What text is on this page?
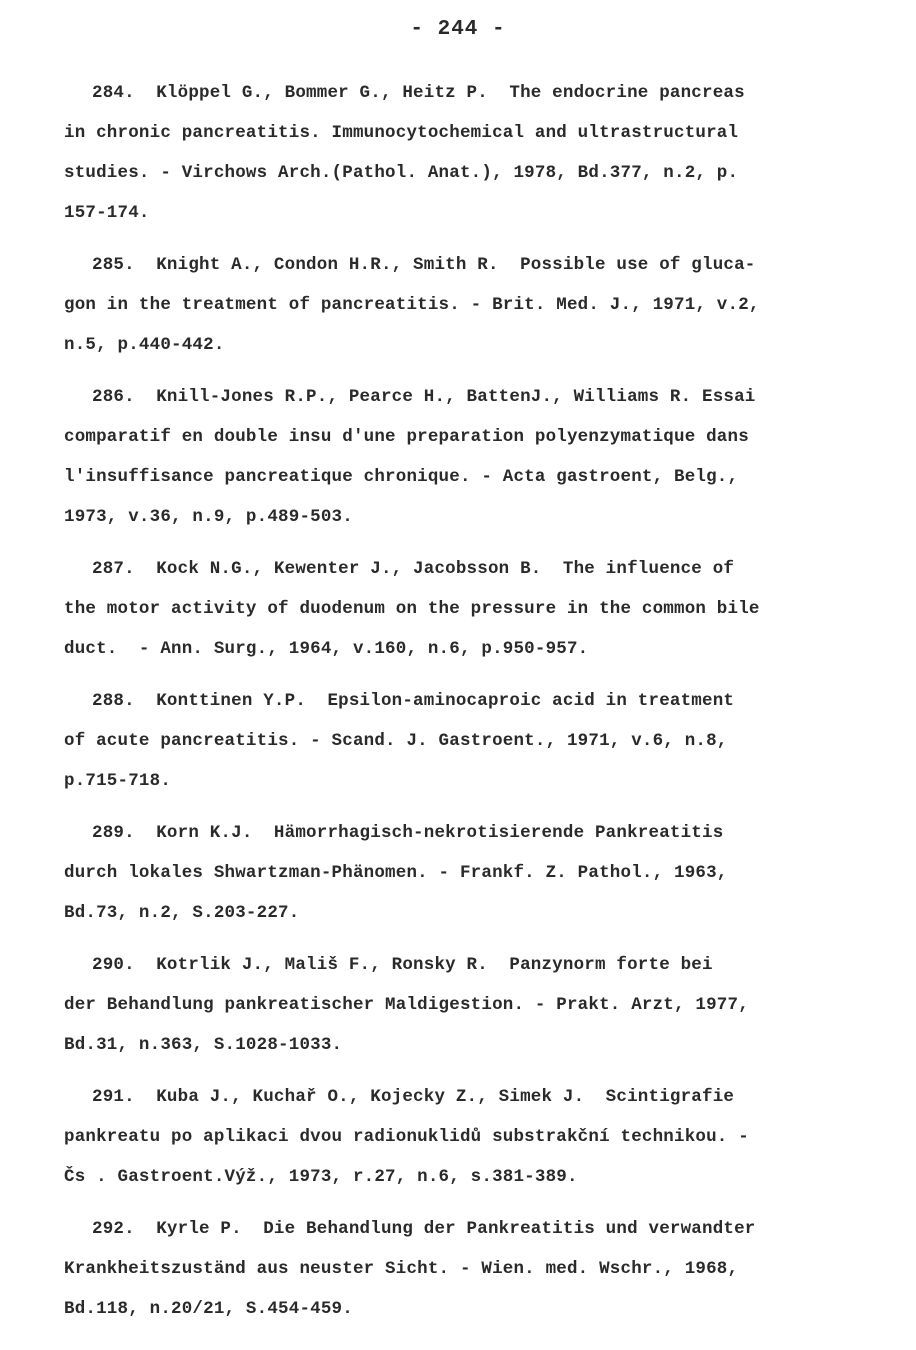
- 244 -
284.  Klöppel G., Bommer G., Heitz P.  The endocrine pancreas
in chronic pancreatitis. Immunocytochemical and ultrastructural
studies. - Virchows Arch.(Pathol. Anat.), 1978, Bd.377, n.2, p.
157-174.
285.  Knight A., Condon H.R., Smith R.  Possible use of gluca-
gon in the treatment of pancreatitis. - Brit. Med. J., 1971, v.2,
n.5, p.440-442.
286.  Knill-Jones R.P., Pearce H., BattenJ., Williams R. Essai
comparatif en double insu d'une preparation polyenzymatique dans
l'insuffisance pancreatique chronique. - Acta gastroent, Belg.,
1973, v.36, n.9, p.489-503.
287.  Kock N.G., Kewenter J., Jacobsson B.  The influence of
the motor activity of duodenum on the pressure in the common bile
duct.  - Ann. Surg., 1964, v.160, n.6, p.950-957.
288.  Konttinen Y.P.  Epsilon-aminocaproic acid in treatment
of acute pancreatitis. - Scand. J. Gastroent., 1971, v.6, n.8,
p.715-718.
289.  Korn K.J.  Hämorrhagisch-nekrotisierende Pankreatitis
durch lokales Shwartzman-Phänomen. - Frankf. Z. Pathol., 1963,
Bd.73, n.2, S.203-227.
290.  Kotrlik J., Mališ F., Ronsky R.  Panzynorm forte bei
der Behandlung pankreatischer Maldigestion. - Prakt. Arzt, 1977,
Bd.31, n.363, S.1028-1033.
291.  Kuba J., Kuchař O., Kojecky Z., Simek J.  Scintigrafie
pankreatu po aplikaci dvou radionuklidů substrakční technikou. -
Čs . Gastroent.Výž., 1973, r.27, n.6, s.381-389.
292.  Kyrle P.  Die Behandlung der Pankreatitis und verwandter
Krankheitszuständ aus neuster Sicht. - Wien. med. Wschr., 1968,
Bd.118, n.20/21, S.454-459.
